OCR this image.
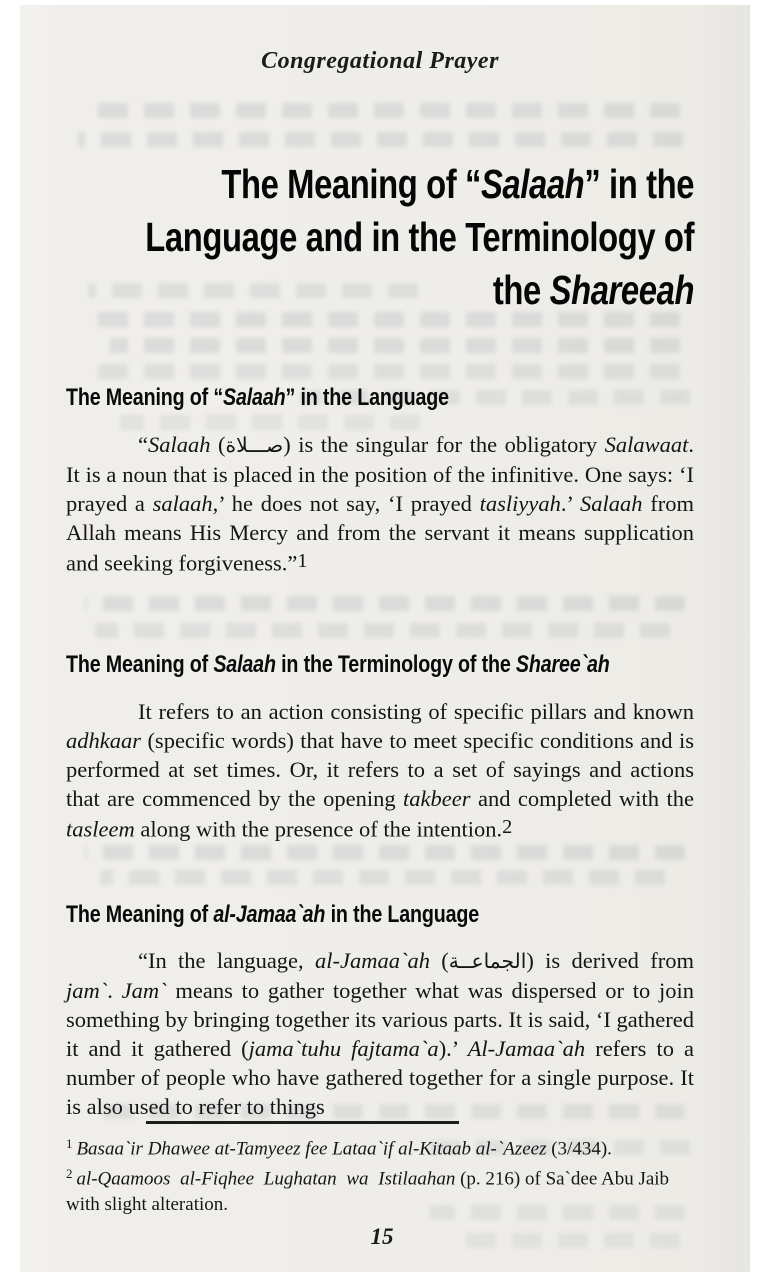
Congregational Prayer
The Meaning of “Salaah” in the
Language and in the Terminology of
the Shareeah
The Meaning of “Salaah” in the Language
“Salaah (صـــلاة) is the singular for the obligatory Salawaat. It is a noun that is placed in the position of the infinitive. One says: ‘I prayed a salaah,’ he does not say, ‘I prayed tasliyyah.’ Salaah from Allah means His Mercy and from the servant it means supplication and seeking forgiveness.”1
The Meaning of Salaah in the Terminology of the Sharee`ah
It refers to an action consisting of specific pillars and known adhkaar (specific words) that have to meet specific conditions and is performed at set times. Or, it refers to a set of sayings and actions that are commenced by the opening takbeer and completed with the tasleem along with the presence of the intention.2
The Meaning of al-Jamaa`ah in the Language
“In the language, al-Jamaa`ah (الجماعــة) is derived from jam`. Jam` means to gather together what was dispersed or to join something by bringing together its various parts. It is said, ‘I gathered it and it gathered (jama`tuhu fajtama`a).’ Al-Jamaa`ah refers to a number of people who have gathered together for a single purpose. It is also used to refer to things
$^1$ Basaa`ir Dhawee at-Tamyeez fee Lataa`if al-Kitaab al-`Azeez (3/434).
$^2$ al-Qaamoos al-Fiqhee Lughatan wa Istilaahan (p. 216) of Sa`dee Abu Jaib with slight alteration.
15
